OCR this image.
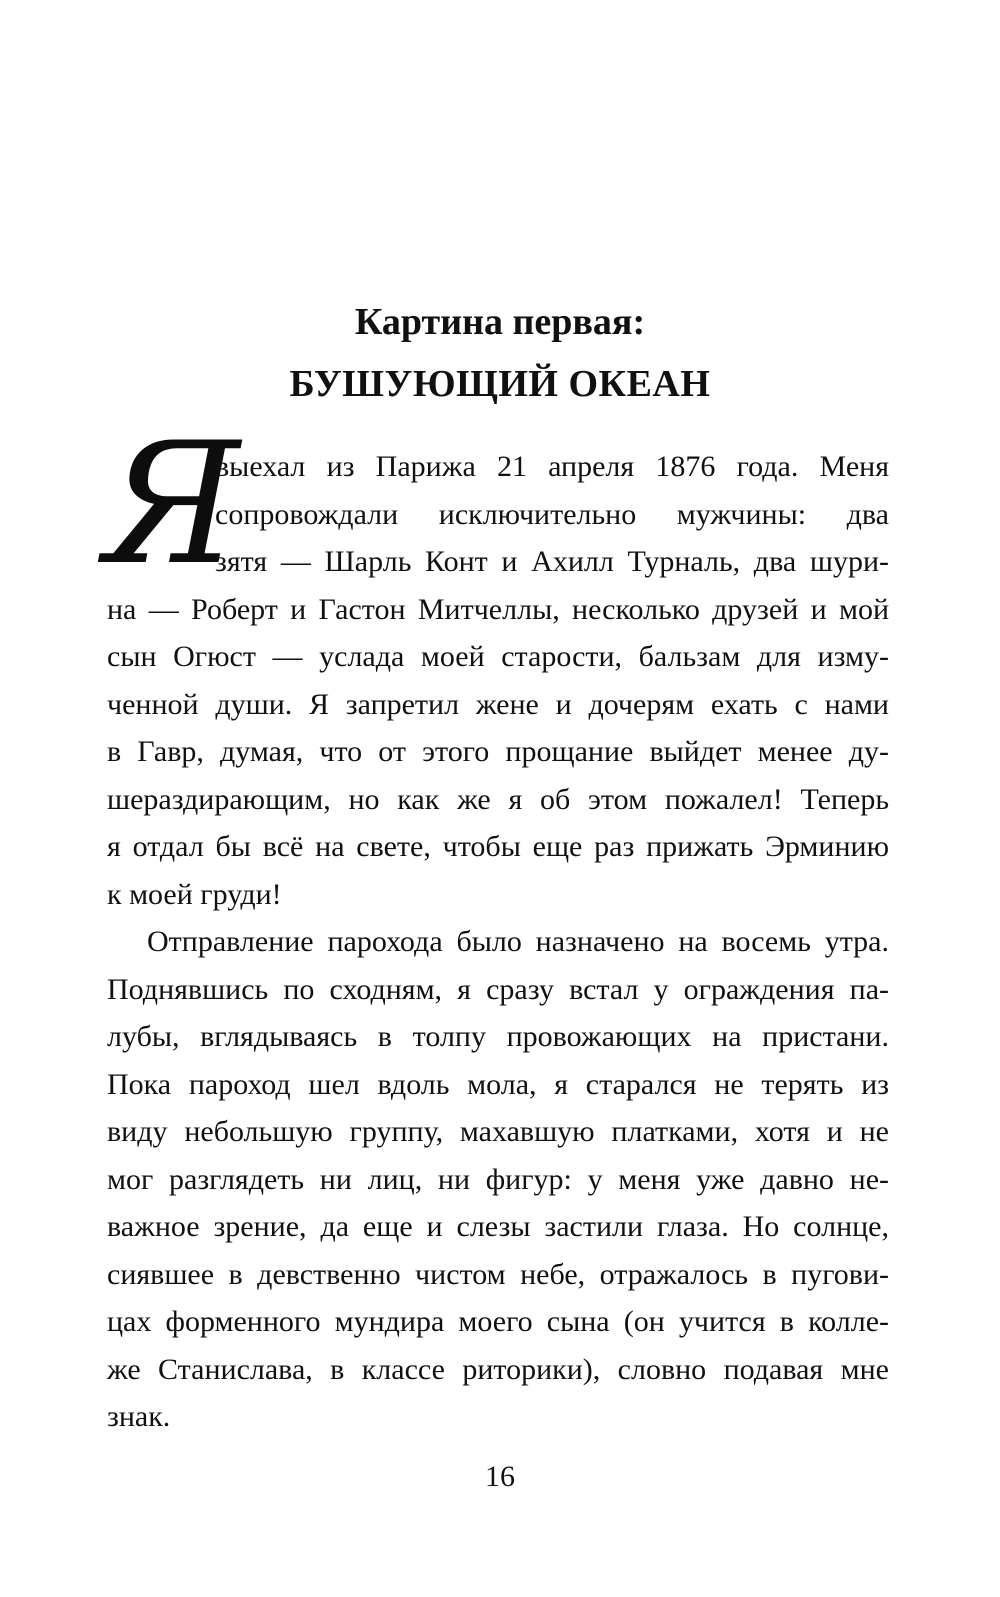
Картина первая:
БУШУЮЩИЙ ОКЕАН
Я
выехал из Парижа 21 апреля 1876 года. Меня
сопровождали исключительно мужчины: два
зятя — Шарль Конт и Ахилл Турналь, два шури-
на — Роберт и Гастон Митчеллы, несколько друзей и мой
сын Огюст — услада моей старости, бальзам для изму-
ченной души. Я запретил жене и дочерям ехать с нами
в Гавр, думая, что от этого прощание выйдет менее ду-
шераздирающим, но как же я об этом пожалел! Теперь
я отдал бы всё на свете, чтобы еще раз прижать Эрминию
к моей груди!
Отправление парохода было назначено на восемь утра.
Поднявшись по сходням, я сразу встал у ограждения па-
лубы, вглядываясь в толпу провожающих на пристани.
Пока пароход шел вдоль мола, я старался не терять из
виду небольшую группу, махавшую платками, хотя и не
мог разглядеть ни лиц, ни фигур: у меня уже давно не-
важное зрение, да еще и слезы застили глаза. Но солнце,
сиявшее в девственно чистом небе, отражалось в пугови-
цах форменного мундира моего сына (он учится в колле-
же Станислава, в классе риторики), словно подавая мне
знак.
16
